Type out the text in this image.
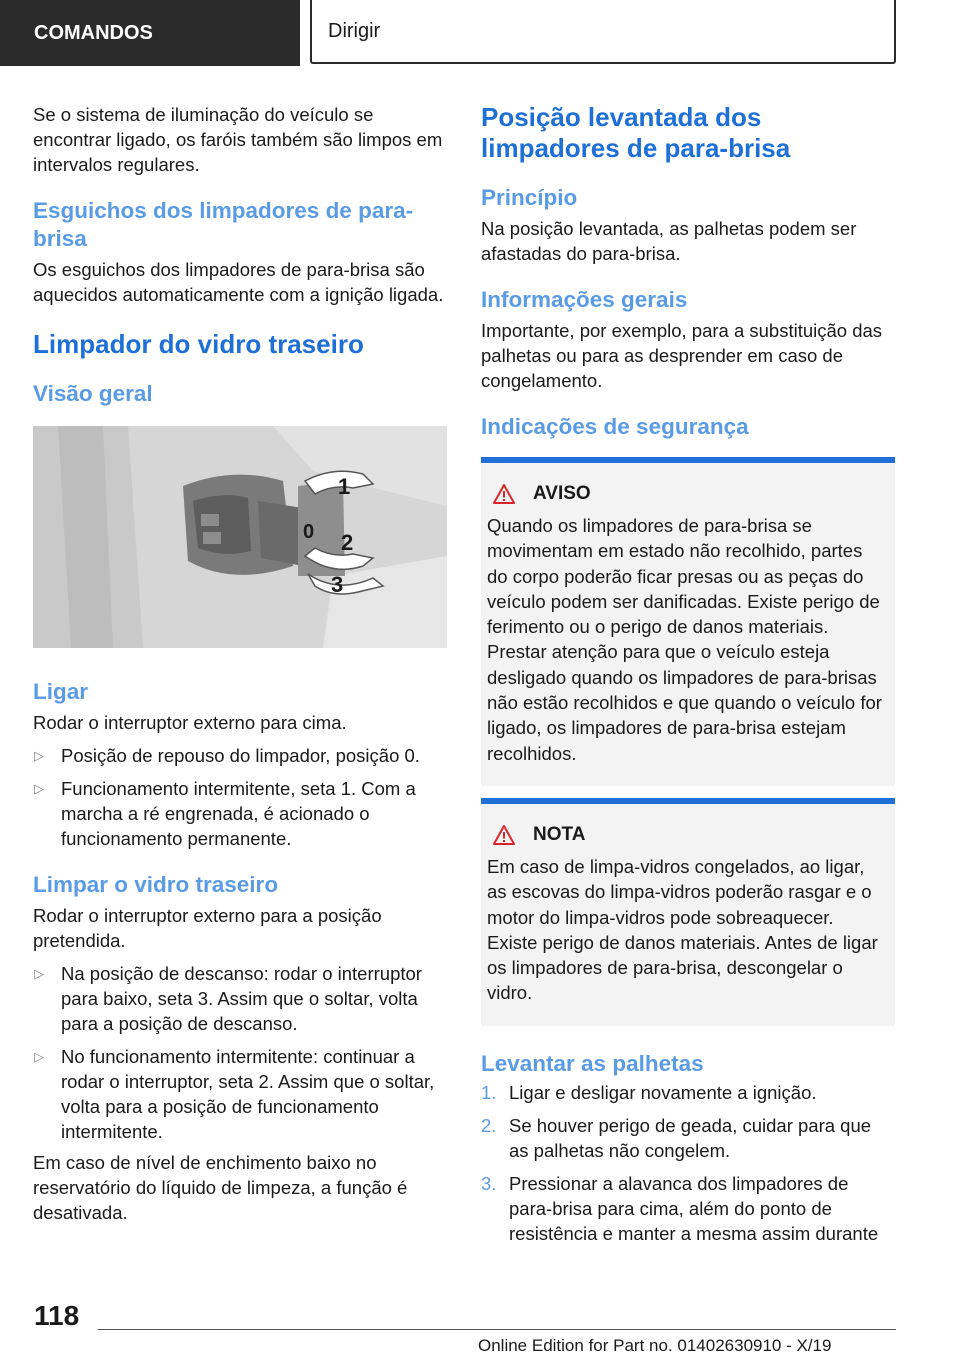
COMANDOS	Dirigir

Se o sistema de iluminação do veículo se encontrar ligado, os faróis também são limpos em intervalos regulares.

Esguichos dos limpadores de para-brisa

Os esguichos dos limpadores de para-brisa são aquecidos automaticamente com a ignição ligada.

Limpador do vidro traseiro
Visão geral
1
0 2
3
Ligar

Rodar o interruptor externo para cima.

▷ Posição de repouso do limpador, posição 0.
▷ Funcionamento intermitente, seta 1. Com a marcha a ré engrenada, é acionado o funcionamento permanente.
Limpar o vidro traseiro

Rodar o interruptor externo para a posição pretendida.

▷ Na posição de descanso: rodar o interruptor para baixo, seta 3. Assim que o soltar, volta para a posição de descanso.
▷ No funcionamento intermitente: continuar a rodar o interruptor, seta 2. Assim que o soltar, volta para a posição de funcionamento intermitente.

Em caso de nível de enchimento baixo no reservatório do líquido de limpeza, a função é desativada.

Posição levantada dos limpadores de para-brisa
Princípio

Na posição levantada, as palhetas podem ser afastadas do para-brisa.

Informações gerais

Importante, por exemplo, para a substituição das palhetas ou para as desprender em caso de congelamento.

Indicações de segurança
AVISO

Quando os limpadores de para-brisa se movimentam em estado não recolhido, partes do corpo poderão ficar presas ou as peças do veículo podem ser danificadas. Existe perigo de ferimento ou o perigo de danos materiais. Prestar atenção para que o veículo esteja desligado quando os limpadores de para-brisas não estão recolhidos e que quando o veículo for ligado, os limpadores de para-brisa estejam recolhidos.

NOTA

Em caso de limpa-vidros congelados, ao ligar, as escovas do limpa-vidros poderão rasgar e o motor do limpa-vidros pode sobreaquecer. Existe perigo de danos materiais. Antes de ligar os limpadores de para-brisa, descongelar o vidro.

Levantar as palhetas
1. Ligar e desligar novamente a ignição.
2. Se houver perigo de geada, cuidar para que as palhetas não congelem.
3. Pressionar a alavanca dos limpadores de para-brisa para cima, além do ponto de resistência e manter a mesma assim durante
118
Online Edition for Part no. 01402630910 - X/19
